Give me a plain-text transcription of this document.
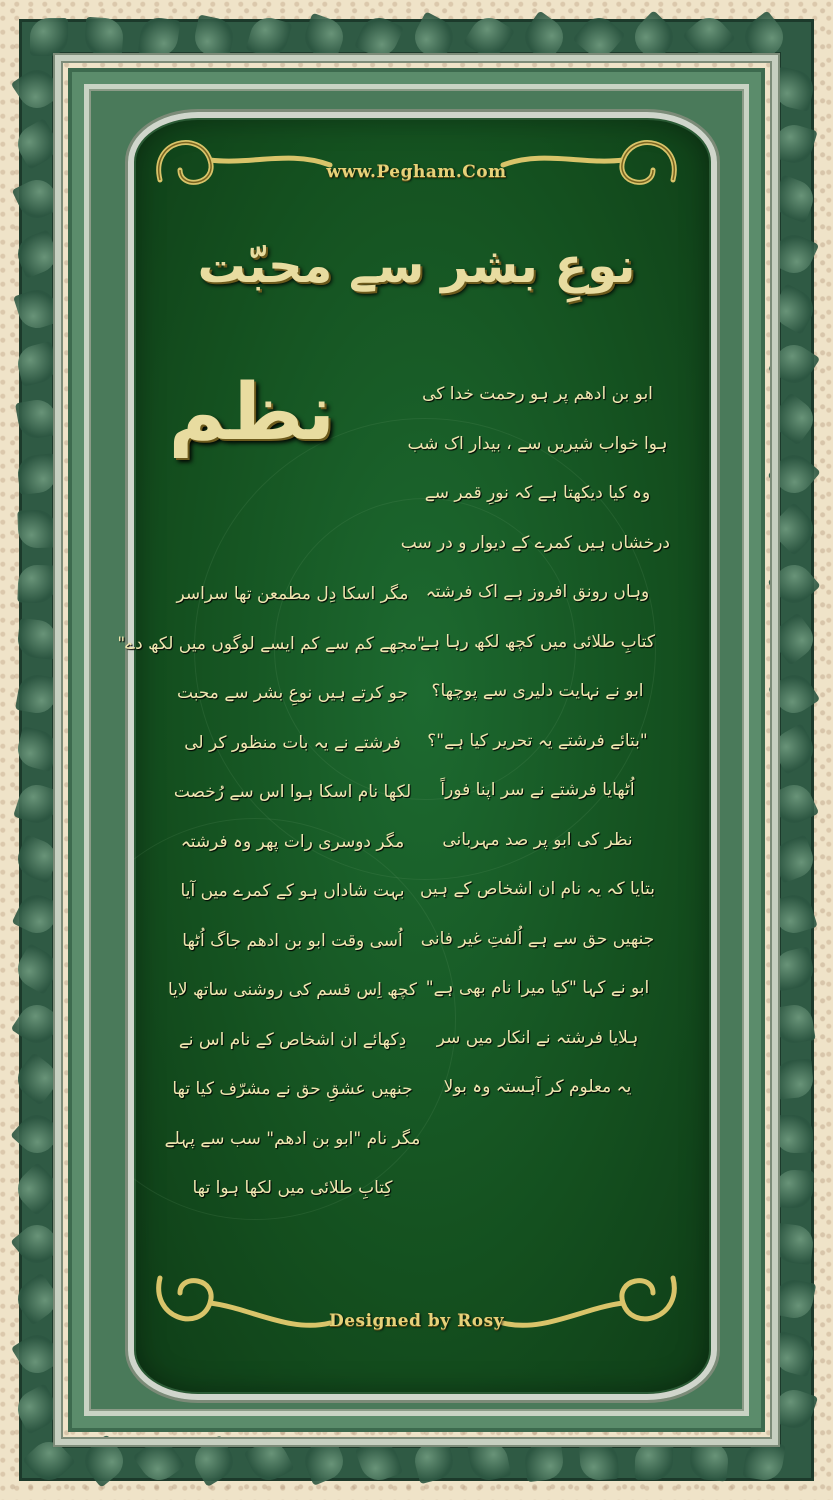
www.Pegham.Com
نوعِ بشر سے محبّت
نظم	ابو بن ادھم پر ہو رحمت خدا کی
ہوا خواب شیریں سے ، بیدار اک شب
وہ کیا دیکھتا ہے کہ نورِ قمر سے
درخشاں ہیں کمرے کے دیوار و در سب
وہاں رونق افروز ہے اک فرشتہ
کتابِ طلائی میں کچھ لکھ رہا ہے
ابو نے نہایت دلیری سے پوچھا؟
"بتائے فرشتے یہ تحریر کیا ہے"؟
اُٹھایا فرشتے نے سر اپنا فوراً
نظر کی ابو پر صد مہربانی
بتایا کہ یہ نام ان اشخاص کے ہیں
جنھیں حق سے ہے اُلفتِ غیر فانی
ابو نے کہا "کیا میرا نام بھی ہے"
ہلایا فرشتہ نے انکار میں سر
یہ معلوم کر آہستہ وہ بولا
مگر اسکا دِل مطمعن تھا سراسر
"مجھے کم سے کم ایسے لوگوں میں لکھ دے"
جو کرتے ہیں نوعِ بشر سے محبت
فرشتے نے یہ بات منظور کر لی
لکھا نام اسکا ہوا اس سے رُخصت
مگر دوسری رات پھر وہ فرشتہ
بہت شاداں ہو کے کمرے میں آیا
اُسی وقت ابو بن ادھم جاگ اُٹھا
کچھ اِس قسم کی روشنی ساتھ لایا
دِکھائے ان اشخاص کے نام اس نے
جنھیں عشقِ حق نے مشرّف کیا تھا
مگر نام "ابو بن ادھم" سب سے پہلے
کِتابِ طلائی میں لکھا ہوا تھا
Designed by Rosy
